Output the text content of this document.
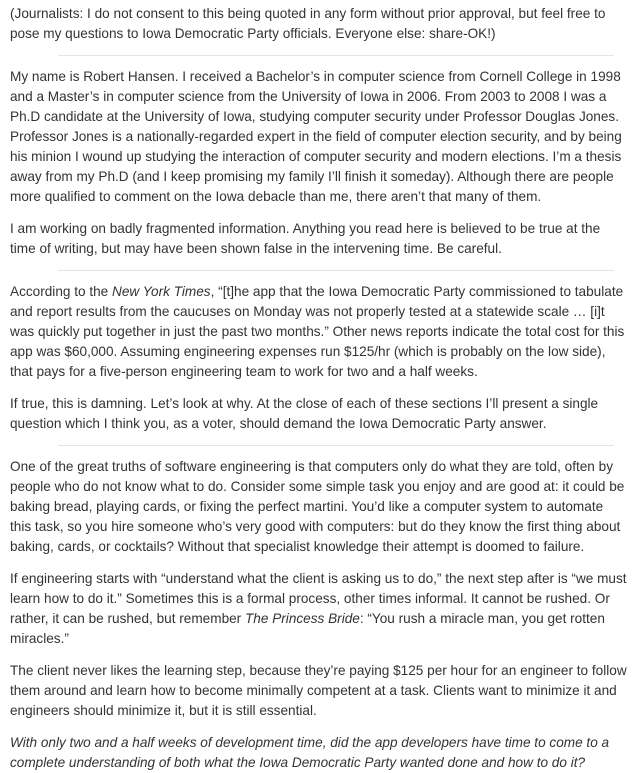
(Journalists: I do not consent to this being quoted in any form without prior approval, but feel free to pose my questions to Iowa Democratic Party officials. Everyone else: share-OK!)

My name is Robert Hansen. I received a Bachelor’s in computer science from Cornell College in 1998 and a Master’s in computer science from the University of Iowa in 2006. From 2003 to 2008 I was a Ph.D candidate at the University of Iowa, studying computer security under Professor Douglas Jones. Professor Jones is a nationally-regarded expert in the field of computer election security, and by being his minion I wound up studying the interaction of computer security and modern elections. I’m a thesis away from my Ph.D (and I keep promising my family I’ll finish it someday). Although there are people more qualified to comment on the Iowa debacle than me, there aren’t that many of them.

I am working on badly fragmented information. Anything you read here is believed to be true at the time of writing, but may have been shown false in the intervening time. Be careful.

According to the New York Times, “[t]he app that the Iowa Democratic Party commissioned to tabulate and report results from the caucuses on Monday was not properly tested at a statewide scale … [i]t was quickly put together in just the past two months.” Other news reports indicate the total cost for this app was $60,000. Assuming engineering expenses run $125/hr (which is probably on the low side), that pays for a five-person engineering team to work for two and a half weeks.

If true, this is damning. Let’s look at why. At the close of each of these sections I’ll present a single question which I think you, as a voter, should demand the Iowa Democratic Party answer.

One of the great truths of software engineering is that computers only do what they are told, often by people who do not know what to do. Consider some simple task you enjoy and are good at: it could be baking bread, playing cards, or fixing the perfect martini. You’d like a computer system to automate this task, so you hire someone who’s very good with computers: but do they know the first thing about baking, cards, or cocktails? Without that specialist knowledge their attempt is doomed to failure.

If engineering starts with “understand what the client is asking us to do,” the next step after is “we must learn how to do it.” Sometimes this is a formal process, other times informal. It cannot be rushed. Or rather, it can be rushed, but remember The Princess Bride: “You rush a miracle man, you get rotten miracles.”

The client never likes the learning step, because they’re paying $125 per hour for an engineer to follow them around and learn how to become minimally competent at a task. Clients want to minimize it and engineers should minimize it, but it is still essential.

With only two and a half weeks of development time, did the app developers have time to come to a complete understanding of both what the Iowa Democratic Party wanted done and how to do it?
